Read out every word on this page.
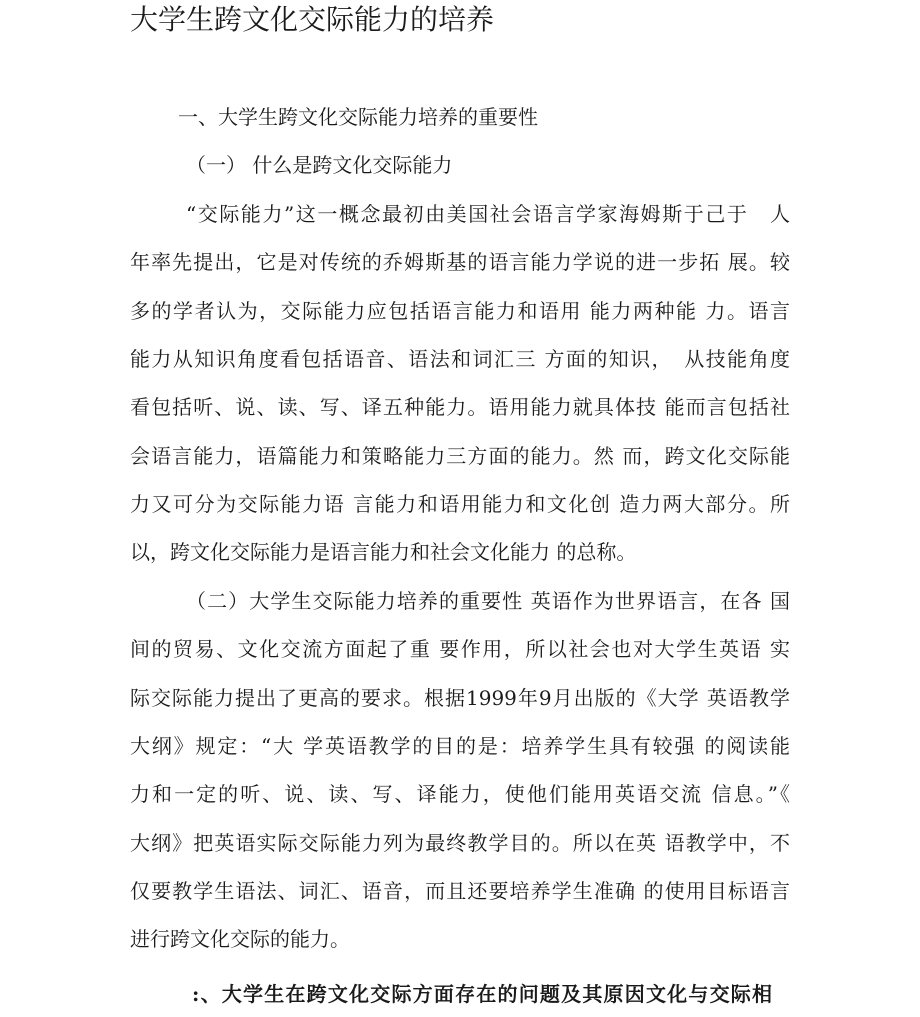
大学生跨文化交际能力的培养
一、大学生跨文化交际能力培养的重要性
（一） 什么是跨文化交际能力
“交际能力”这一概念最初由美国社会语言学家海姆斯于己于　人
年率先提出，它是对传统的乔姆斯基的语言能力学说的进一步拓 展。较
多的学者认为，交际能力应包括语言能力和语用 能力两种能 力。语言
能力从知识角度看包括语音、语法和词汇三 方面的知识，　从技能角度
看包括听、说、读、写、译五种能力。语用能力就具体技 能而言包括社
会语言能力，语篇能力和策略能力三方面的能力。然 而，跨文化交际能
力又可分为交际能力语 言能力和语用能力和文化创 造力两大部分。所
以，跨文化交际能力是语言能力和社会文化能力 的总称。
（二）大学生交际能力培养的重要性 英语作为世界语言，在各 国
间的贸易、文化交流方面起了重 要作用，所以社会也对大学生英语 实
际交际能力提出了更高的要求。根据1999年9月出版的《大学 英语教学
大纲》规定：“大 学英语教学的目的是：培养学生具有较强 的阅读能
力和一定的听、说、读、写、译能力，使他们能用英语交流 信息。”《
大纲》把英语实际交际能力列为最终教学目的。所以在英 语教学中，不
仅要教学生语法、词汇、语音，而且还要培养学生准确 的使用目标语言
进行跨文化交际的能力。
:、大学生在跨文化交际方面存在的问题及其原因文化与交际相
